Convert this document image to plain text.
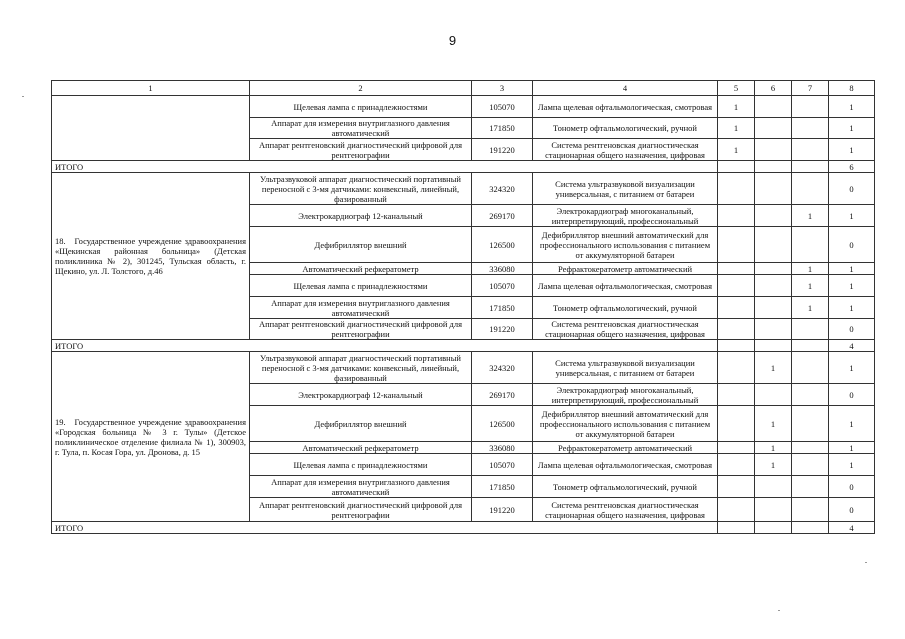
9
1	2	3	4	5	6	7	8
	Щелевая лампа с принадлежностями	105070	Лампа щелевая офтальмологическая, смотровая	1			1
	Аппарат для измерения внутриглазного давления автоматический	171850	Тонометр офтальмологический, ручной	1			1
	Аппарат рентгеновский диагностический цифровой для рентгенографии	191220	Система рентгеновская диагностическая стационарная общего назначения, цифровая	1			1
ИТОГО							6
18.   Государственное учреждение здравоохранения «Щекинская районная больница» (Детская поликлиника № 2), 301245, Тульская область, г. Щекино, ул. Л. Толстого, д.46	Ультразвуковой аппарат диагностический портативный переносной с 3-мя датчиками: конвексный, линейный, фазированный	324320	Система ультразвуковой визуализации универсальная, с питанием от батареи				0
	Электрокардиограф 12-канальный	269170	Электрокардиограф многоканальный, интерпретирующий, профессиональный			1	1
	Дефибриллятор внешний	126500	Дефибриллятор внешний автоматический для профессионального использования с питанием от аккумуляторной батареи				0
	Автоматический рефкератометр	336080	Рефрактокератометр автоматический			1	1
	Щелевая лампа с принадлежностями	105070	Лампа щелевая офтальмологическая, смотровая			1	1
	Аппарат для измерения внутриглазного давления автоматический	171850	Тонометр офтальмологический, ручной			1	1
	Аппарат рентгеновский диагностический цифровой для рентгенографии	191220	Система рентгеновская диагностическая стационарная общего назначения, цифровая				0
ИТОГО							4
19.   Государственное учреждение здравоохранения «Городская больница № 3 г. Тулы» (Детское поликлиническое отделение филиала № 1), 300903, г. Тула, п. Косая Гора, ул. Дронова, д. 15	Ультразвуковой аппарат диагностический портативный переносной с 3-мя датчиками: конвексный, линейный, фазированный	324320	Система ультразвуковой визуализации универсальная, с питанием от батареи		1		1
	Электрокардиограф 12-канальный	269170	Электрокардиограф многоканальный, интерпретирующий, профессиональный				0
	Дефибриллятор внешний	126500	Дефибриллятор внешний автоматический для профессионального использования с питанием от аккумуляторной батареи		1		1
	Автоматический рефкератометр	336080	Рефрактокератометр автоматический		1		1
	Щелевая лампа с принадлежностями	105070	Лампа щелевая офтальмологическая, смотровая		1		1
	Аппарат для измерения внутриглазного давления автоматический	171850	Тонометр офтальмологический, ручной				0
	Аппарат рентгеновский диагностический цифровой для рентгенографии	191220	Система рентгеновская диагностическая стационарная общего назначения, цифровая				0
ИТОГО							4
